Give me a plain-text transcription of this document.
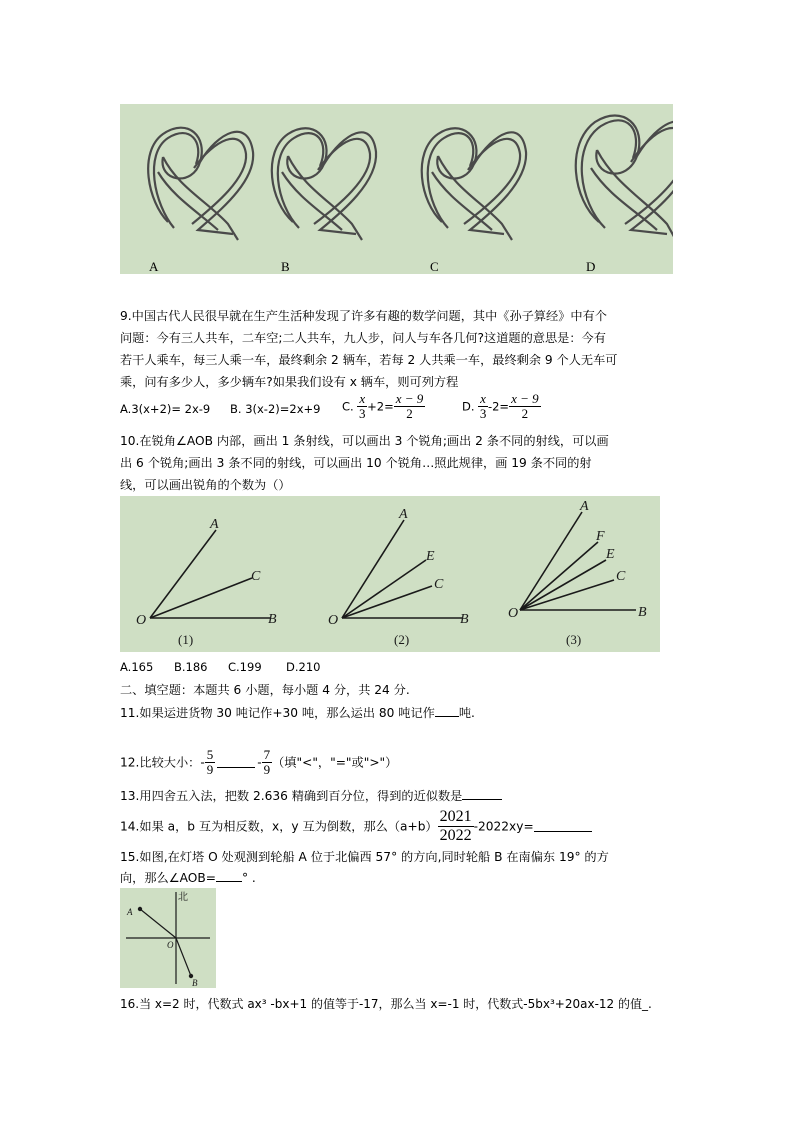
A	B	C	D
9.中国古代人民很早就在生产生活种发现了许多有趣的数学问题，其中《孙子算经》中有个
问题：今有三人共车，二车空;二人共车，九人步，问人与车各几何?这道题的意思是：今有
若干人乘车，每三人乘一车，最终剩余 2 辆车，若每 2 人共乘一车，最终剩余 9 个人无车可
乘，问有多少人，多少辆车?如果我们设有 x 辆车，则可列方程
A.3(x+2)= 2x-9 B. 3(x-2)=2x+9 C. $\frac{x}{3} +2= \frac{x - 9}{2}$	D. $\frac{x}{3} -2= \frac{x - 9}{2}$
10.在锐角∠AOB 内部，画出 1 条射线，可以画出 3 个锐角;画出 2 条不同的射线，可以画
出 6 个锐角;画出 3 条不同的射线，可以画出 10 个锐角…照此规律，画 19 条不同的射
线，可以画出锐角的个数为（）
A
C
O	B
A
E
C
O	B
A
F
E
C
O	B
(1)	(2)	(3)
A.165 B.186 C.199 D.210
二、填空题：本题共 6 小题，每小题 4 分，共 24 分.
11.如果运进货物 30 吨记作+30 吨，那么运出 80 吨记作 吨.
12.比较大小：- $\frac{5}{9}$	- $\frac{7}{9}$ （填"<"，"="或">"）
13.用四舍五入法，把数 2.636 精确到百分位，得到的近似数是
14.如果 a，b 互为相反数，x，y 互为倒数，那么$(a+b) \frac{2021}{2022} -2022xy=$
15.如图,在灯塔 O 处观测到轮船 A 位于北偏西 57° 的方向,同时轮船 B 在南偏东 19° 的方
向，那么∠AOB= ° .
北
A
O
B
16.当 x=2 时，代数式 ax³ -bx+1 的值等于-17，那么当 x=-1 时，代数式-5bx³+20ax-12 的值_.
